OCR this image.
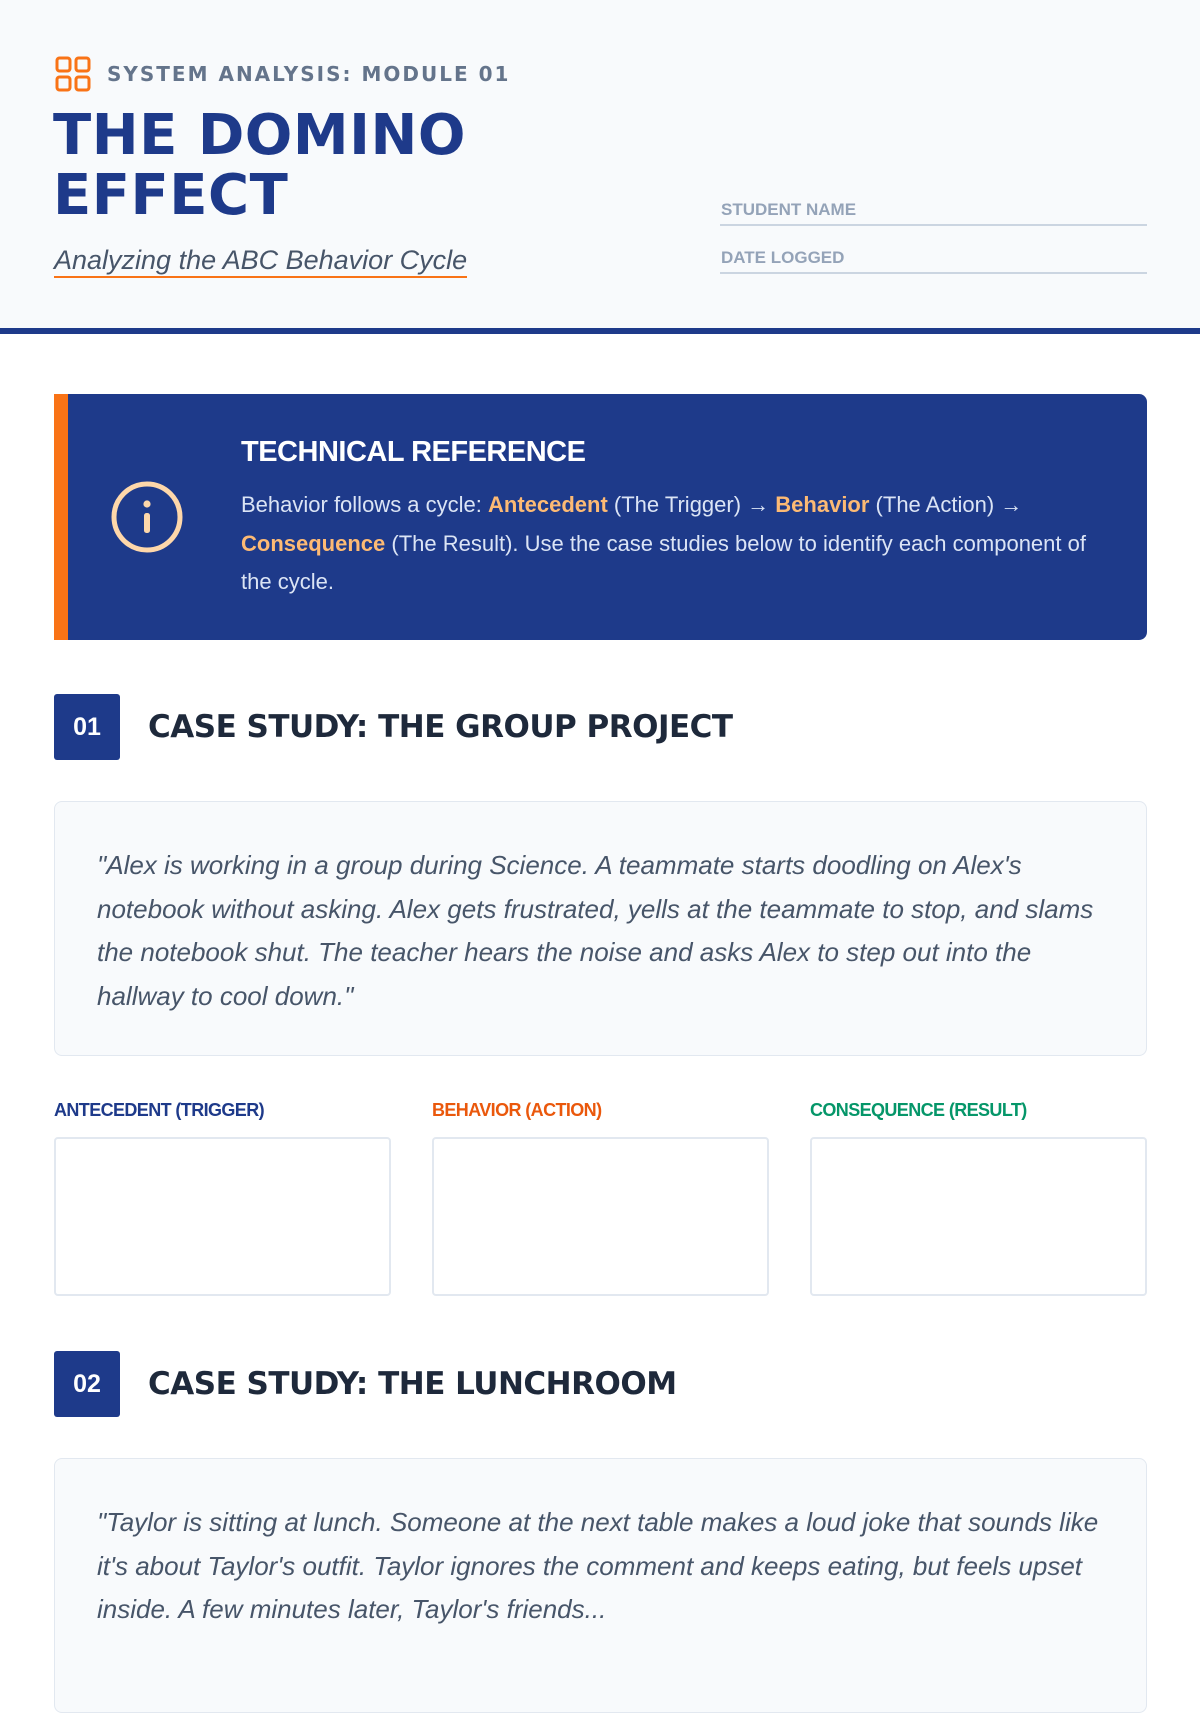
SYSTEM ANALYSIS: MODULE 01
THE DOMINO EFFECT
Analyzing the ABC Behavior Cycle
STUDENT NAME
DATE LOGGED
TECHNICAL REFERENCE
Behavior follows a cycle: Antecedent (The Trigger) → Behavior (The Action) → Consequence (The Result). Use the case studies below to identify each component of the cycle.
01	CASE STUDY: THE GROUP PROJECT
"Alex is working in a group during Science. A teammate starts doodling on Alex's notebook without asking. Alex gets frustrated, yells at the teammate to stop, and slams the notebook shut. The teacher hears the noise and asks Alex to step out into the hallway to cool down."
ANTECEDENT (TRIGGER)	BEHAVIOR (ACTION)	CONSEQUENCE (RESULT)
02	CASE STUDY: THE LUNCHROOM
"Taylor is sitting at lunch. Someone at the next table makes a loud joke that sounds like it's about Taylor's outfit. Taylor ignores the comment and keeps eating, but feels upset inside. A few minutes later, Taylor's friends...
